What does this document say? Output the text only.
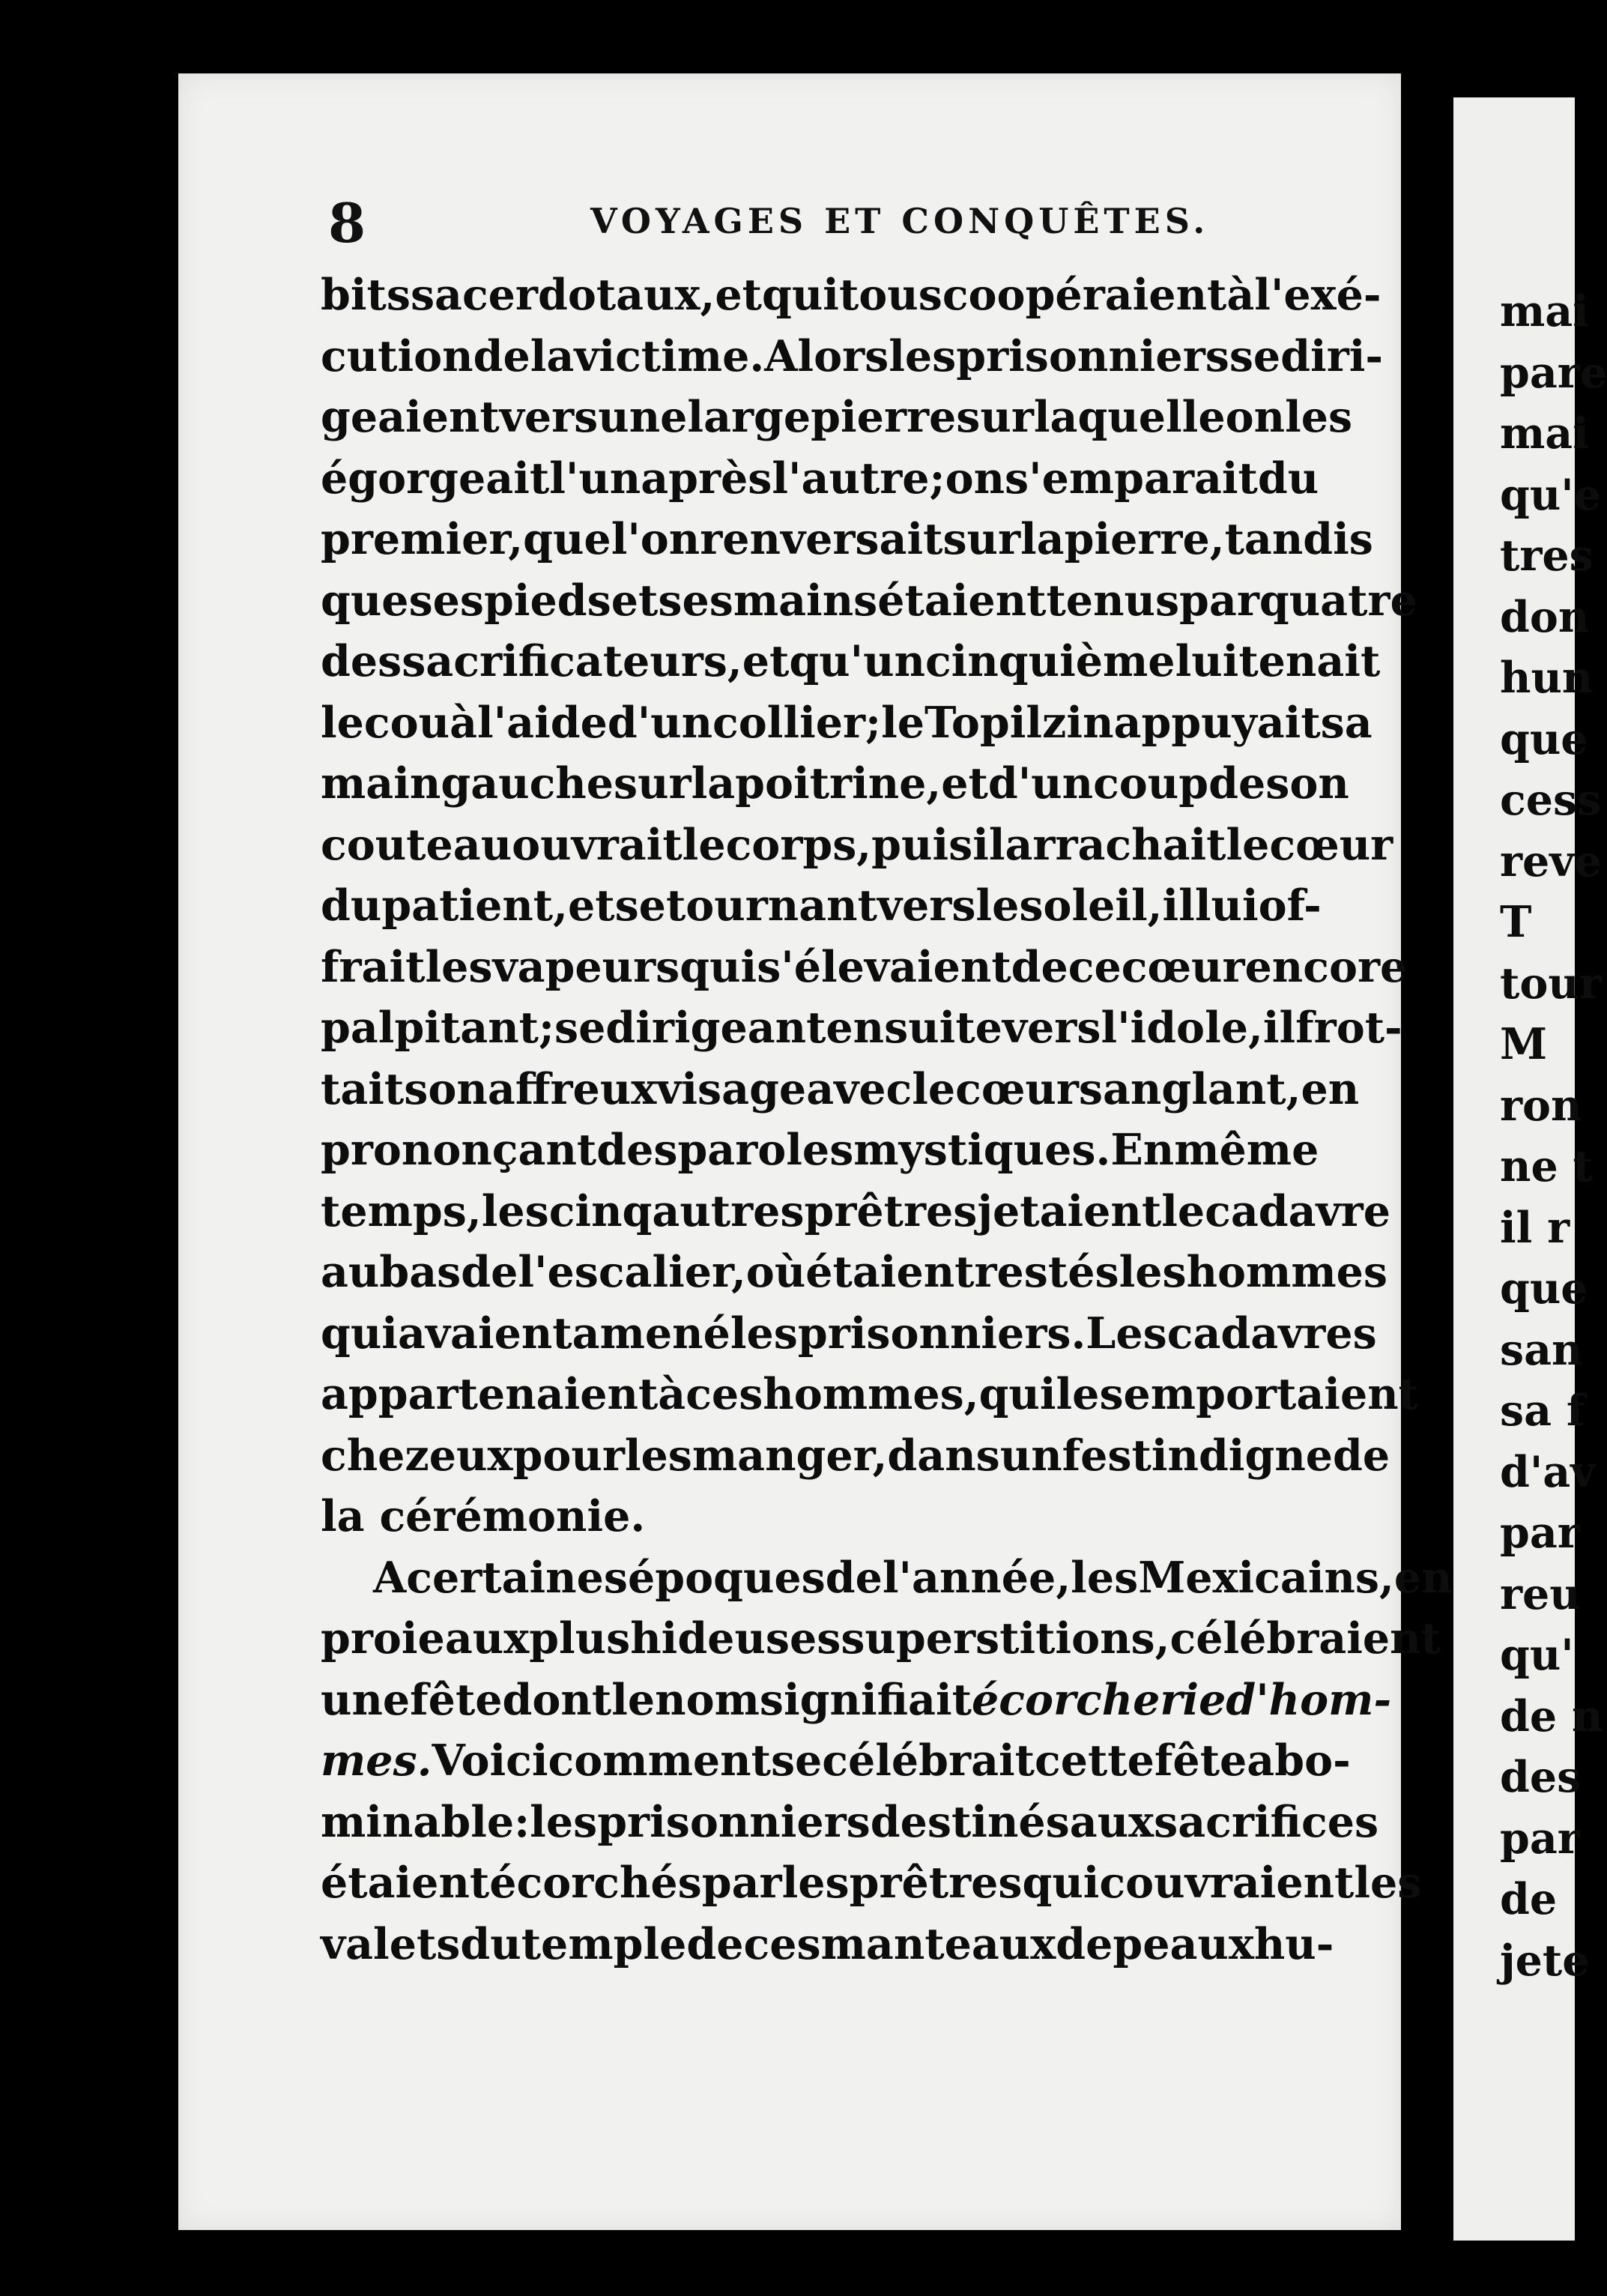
8	VOYAGES ET CONQUÊTES.
bits sacerdotaux, et qui tous coopéraient à l'exé-
cution de la victime. Alors les prisonniers se diri-
geaient vers une large pierre sur laquelle on les
égorgeait l'un après l'autre; on s'emparait du
premier, que l'on renversait sur la pierre, tandis
que ses pieds et ses mains étaient tenus par quatre
des sacrificateurs, et qu'un cinquième lui tenait
le cou à l'aide d'un collier; le Topilzin appuyait sa
main gauche sur la poitrine, et d'un coup de son
couteau ouvrait le corps, puis il arrachait le cœur
du patient, et se tournant vers le soleil, il lui of-
frait les vapeurs qui s'élevaient de ce cœur encore
palpitant; se dirigeant ensuite vers l'idole, il frot-
tait son affreux visage avec le cœur sanglant, en
prononçant des paroles mystiques. En même
temps, les cinq autres prêtres jetaient le cadavre
au bas de l'escalier, où étaient restés les hommes
qui avaient amené les prisonniers. Les cadavres
appartenaient à ces hommes, qui les emportaient
chez eux pour les manger, dans un festin digne de
la cérémonie.
A certaines époques de l'année, les Mexicains, en
proie aux plus hideuses superstitions, célébraient
une fête dont le nom signifiait écorcherie d'hom-
mes. Voici comment se célébrait cette fête abo-
minable : les prisonniers destinés aux sacrifices
étaient écorchés par les prêtres qui couvraient les
valets du temple de ces manteaux de peaux hu-
mai
pare
mai
qu'e
tres
don
hun
que
cess
reve
T
tour
M
ron
ne t
il r
que
san
sa f
d'av
par
reu
qu'
de n
des
par
de
jete
